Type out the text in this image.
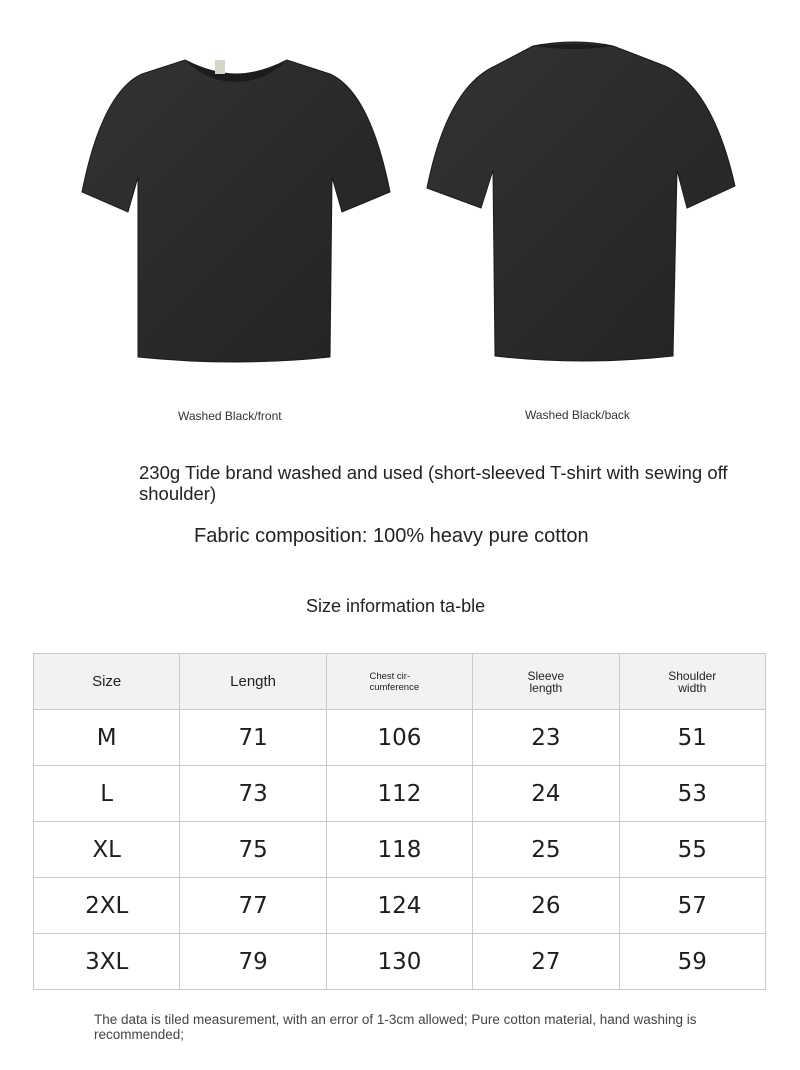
Washed Black/front	Washed Black/back
230g Tide brand washed and used (short-sleeved T-shirt with sewing off shoulder)
Fabric composition: 100% heavy pure cotton
Size information ta-ble
Size	Length	Chest cir-cumference	Sleeve length	Shoulder width
M	71	106	23	51
L	73	112	24	53
XL	75	118	25	55
2XL	77	124	26	57
3XL	79	130	27	59
The data is tiled measurement, with an error of 1-3cm allowed; Pure cotton material, hand washing is recommended;
